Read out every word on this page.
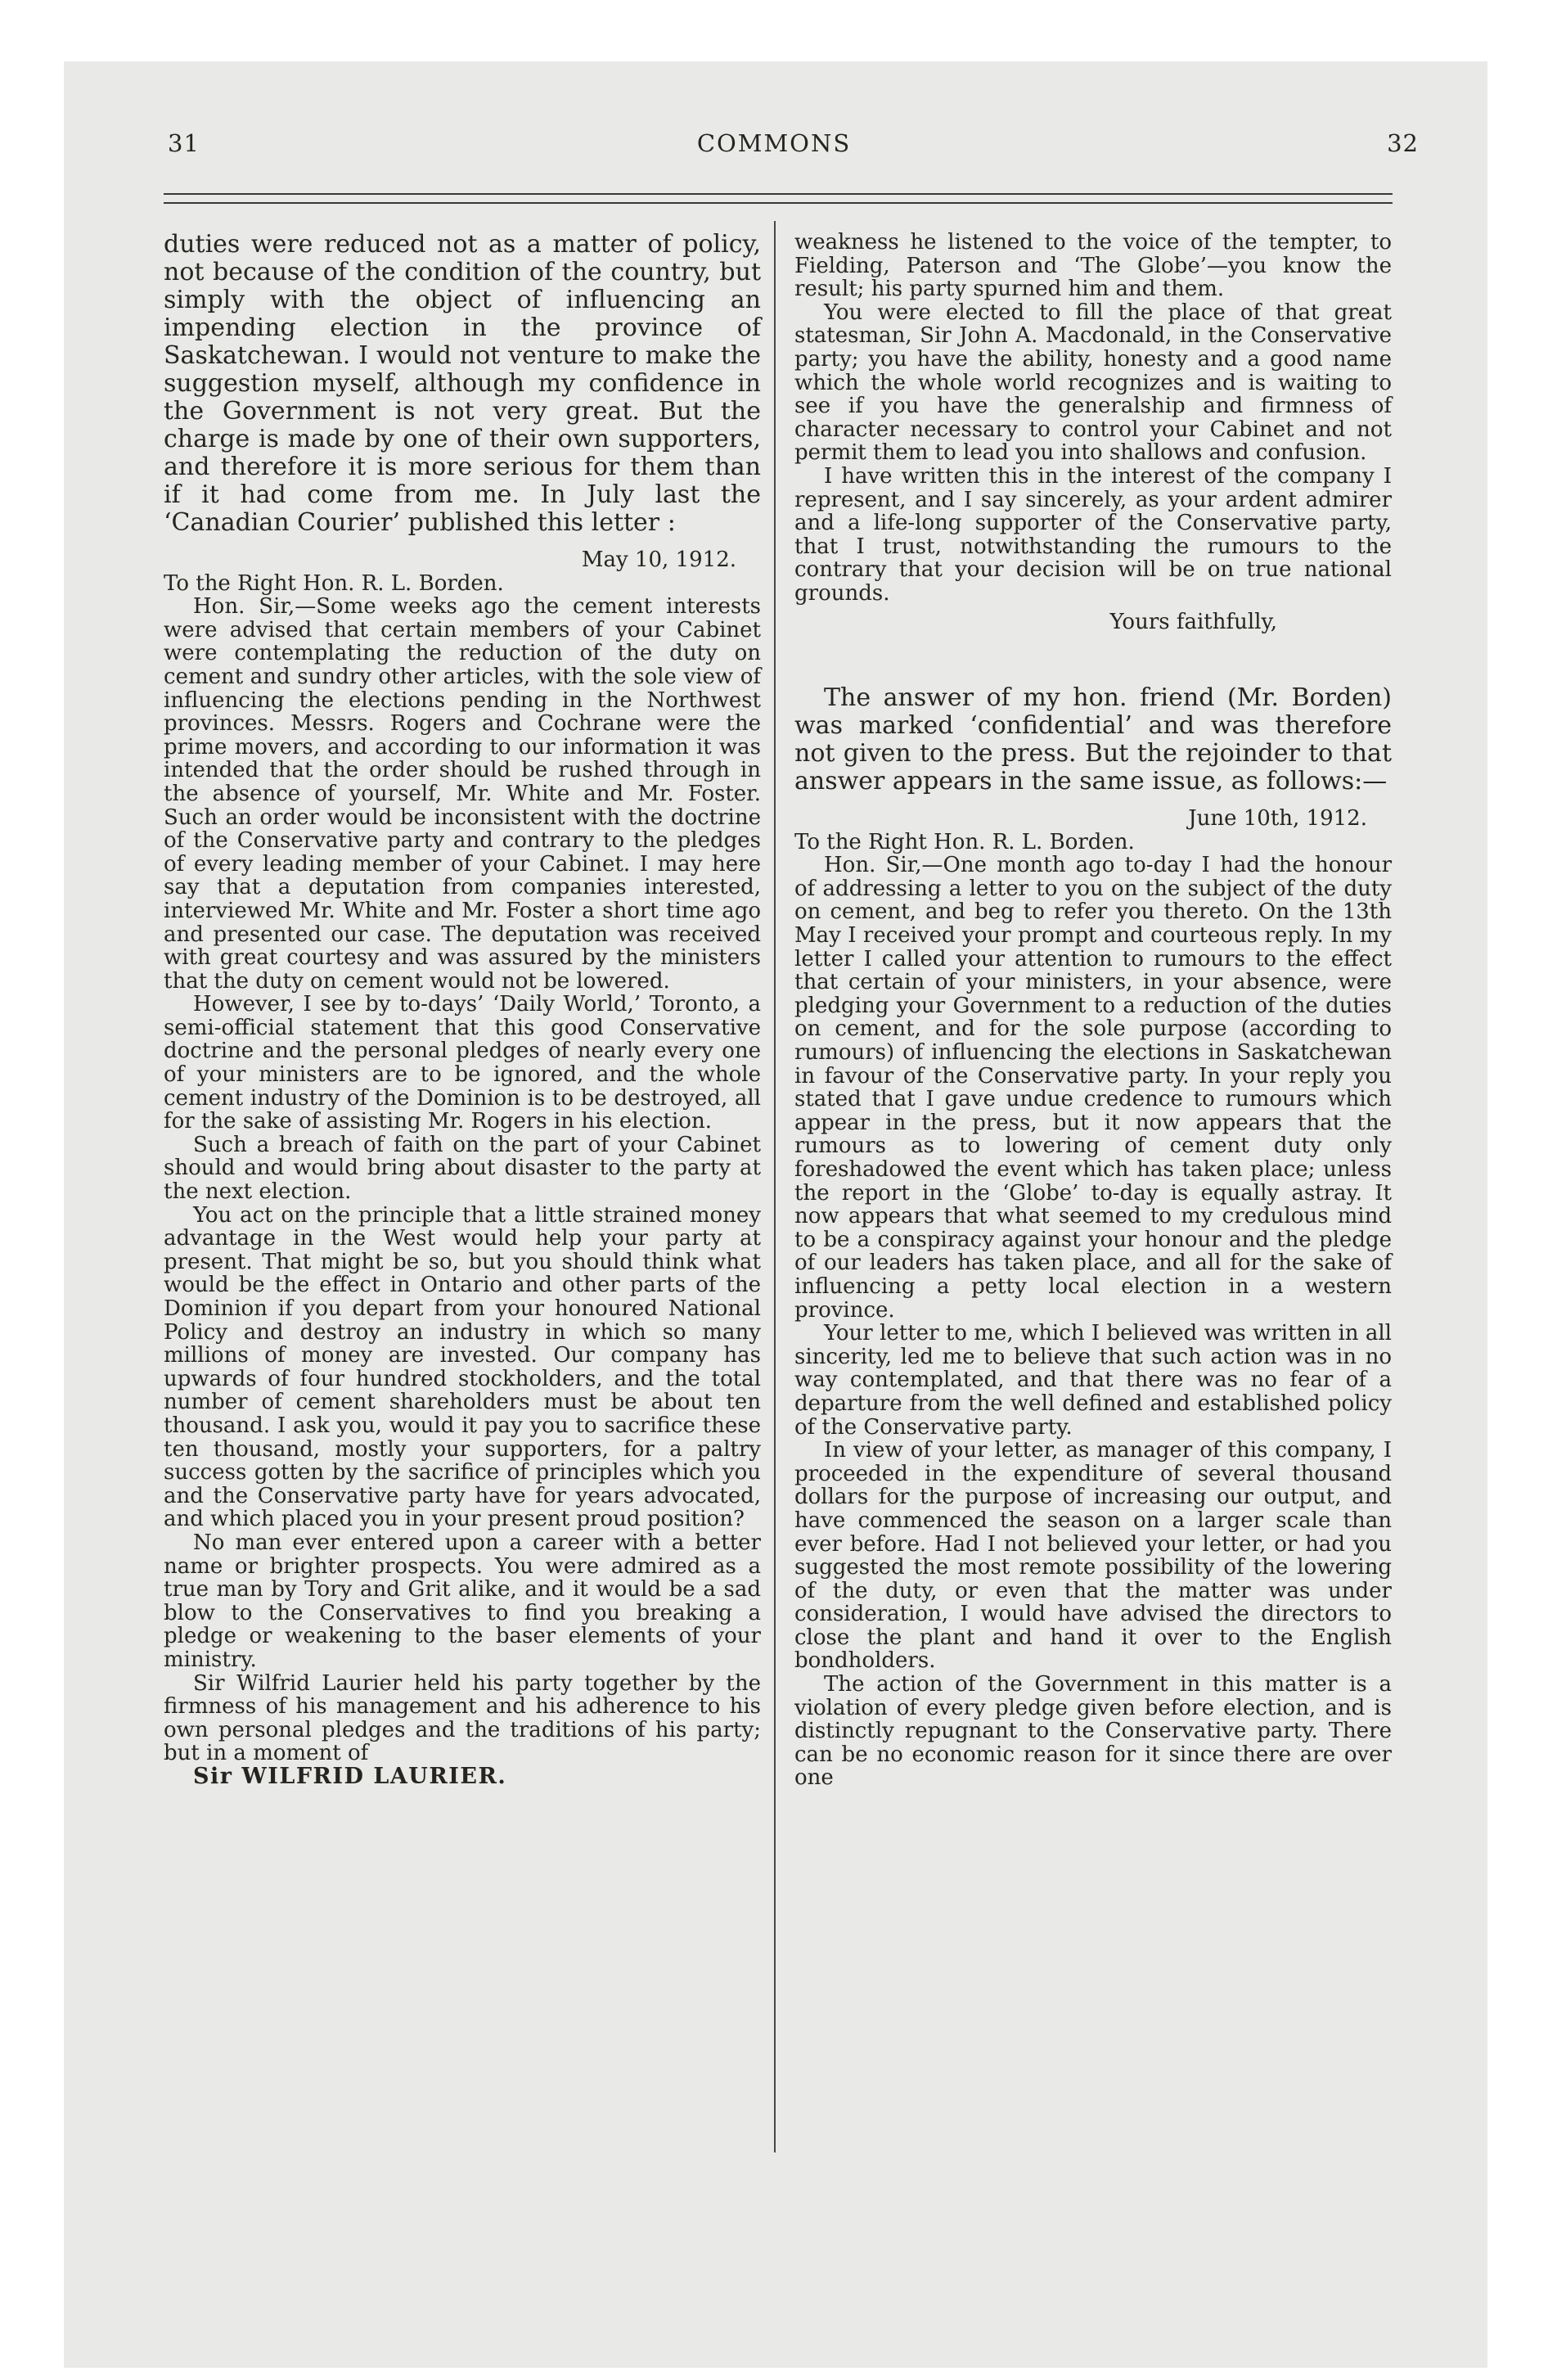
COMMONS
31	32

duties were reduced not as a matter of policy, not because of the condition of the country, but simply with the object of influencing an impending election in the province of Saskatchewan. I would not venture to make the suggestion myself, although my confidence in the Government is not very great. But the charge is made by one of their own supporters, and therefore it is more serious for them than if it had come from me. In July last the ‘Canadian Courier’ published this letter :

May 10, 1912.

To the Right Hon. R. L. Borden.

Hon. Sir,—Some weeks ago the cement interests were advised that certain members of your Cabinet were contemplating the reduction of the duty on cement and sundry other articles, with the sole view of influencing the elections pending in the Northwest provinces. Messrs. Rogers and Cochrane were the prime movers, and according to our information it was intended that the order should be rushed through in the absence of yourself, Mr. White and Mr. Foster. Such an order would be inconsistent with the doctrine of the Conservative party and contrary to the pledges of every leading member of your Cabinet. I may here say that a deputation from companies interested, interviewed Mr. White and Mr. Foster a short time ago and presented our case. The deputation was received with great courtesy and was assured by the ministers that the duty on cement would not be lowered.

However, I see by to-days’ ‘Daily World,’ Toronto, a semi-official statement that this good Conservative doctrine and the personal pledges of nearly every one of your ministers are to be ignored, and the whole cement industry of the Dominion is to be destroyed, all for the sake of assisting Mr. Rogers in his election.

Such a breach of faith on the part of your Cabinet should and would bring about disaster to the party at the next election.

You act on the principle that a little strained money advantage in the West would help your party at present. That might be so, but you should think what would be the effect in Ontario and other parts of the Dominion if you depart from your honoured National Policy and destroy an industry in which so many millions of money are invested. Our company has upwards of four hundred stockholders, and the total number of cement shareholders must be about ten thousand. I ask you, would it pay you to sacrifice these ten thousand, mostly your supporters, for a paltry success gotten by the sacrifice of principles which you and the Conservative party have for years advocated, and which placed you in your present proud position?

No man ever entered upon a career with a better name or brighter prospects. You were admired as a true man by Tory and Grit alike, and it would be a sad blow to the Conservatives to find you breaking a pledge or weakening to the baser elements of your ministry.

Sir Wilfrid Laurier held his party together by the firmness of his management and his adherence to his own personal pledges and the traditions of his party; but in a moment of

Sir WILFRID LAURIER.

weakness he listened to the voice of the tempter, to Fielding, Paterson and ‘The Globe’—you know the result; his party spurned him and them.

You were elected to fill the place of that great statesman, Sir John A. Macdonald, in the Conservative party; you have the ability, honesty and a good name which the whole world recognizes and is waiting to see if you have the generalship and firmness of character necessary to control your Cabinet and not permit them to lead you into shallows and confusion.

I have written this in the interest of the company I represent, and I say sincerely, as your ardent admirer and a life-long supporter of the Conservative party, that I trust, notwithstanding the rumours to the contrary that your decision will be on true national grounds.

Yours faithfully,

The answer of my hon. friend (Mr. Borden) was marked ‘confidential’ and was therefore not given to the press. But the rejoinder to that answer appears in the same issue, as follows:—

June 10th, 1912.

To the Right Hon. R. L. Borden.

Hon. Sir,—One month ago to-day I had the honour of addressing a letter to you on the subject of the duty on cement, and beg to refer you thereto. On the 13th May I received your prompt and courteous reply. In my letter I called your attention to rumours to the effect that certain of your ministers, in your absence, were pledging your Government to a reduction of the duties on cement, and for the sole purpose (according to rumours) of influencing the elections in Saskatchewan in favour of the Conservative party. In your reply you stated that I gave undue credence to rumours which appear in the press, but it now appears that the rumours as to lowering of cement duty only foreshadowed the event which has taken place; unless the report in the ‘Globe’ to-day is equally astray. It now appears that what seemed to my credulous mind to be a conspiracy against your honour and the pledge of our leaders has taken place, and all for the sake of influencing a petty local election in a western province.

Your letter to me, which I believed was written in all sincerity, led me to believe that such action was in no way contemplated, and that there was no fear of a departure from the well defined and established policy of the Conservative party.

In view of your letter, as manager of this company, I proceeded in the expenditure of several thousand dollars for the purpose of increasing our output, and have commenced the season on a larger scale than ever before. Had I not believed your letter, or had you suggested the most remote possibility of the lowering of the duty, or even that the matter was under consideration, I would have advised the directors to close the plant and hand it over to the English bondholders.

The action of the Government in this matter is a violation of every pledge given before election, and is distinctly repugnant to the Conservative party. There can be no economic reason for it since there are over one
